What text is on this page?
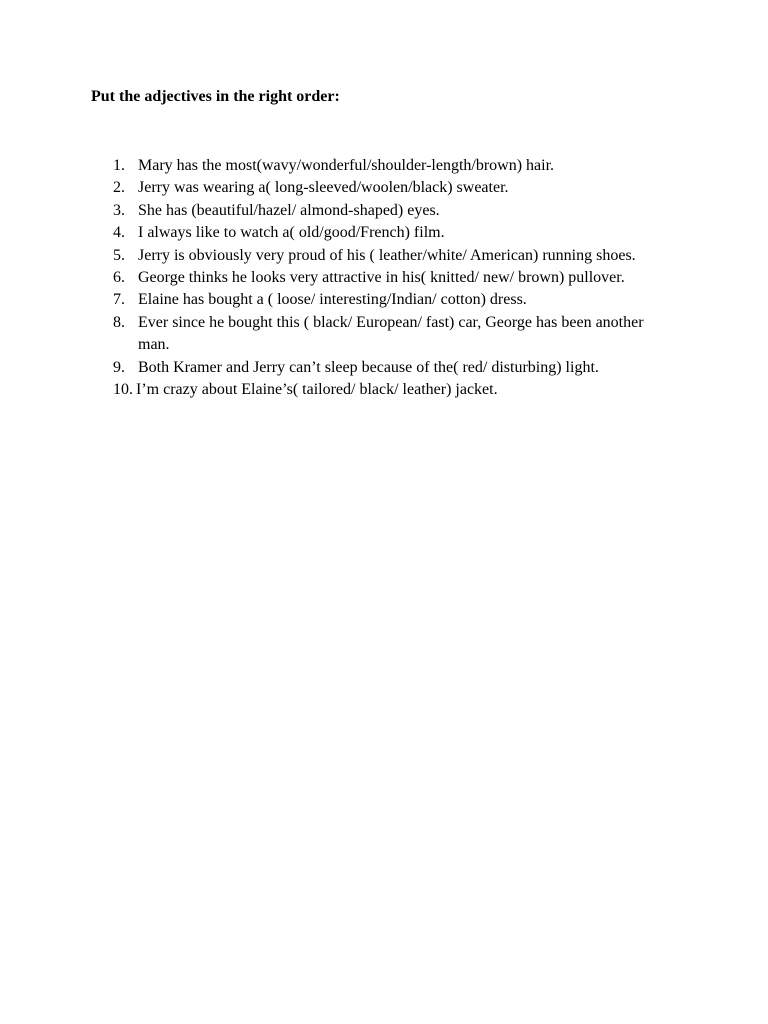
Put the adjectives in the right order:
1. Mary has the most(wavy/wonderful/shoulder-length/brown) hair.
2. Jerry was wearing a( long-sleeved/woolen/black) sweater.
3. She has (beautiful/hazel/ almond-shaped) eyes.
4. I always like to watch a( old/good/French) film.
5. Jerry is obviously very proud of his ( leather/white/ American) running shoes.
6. George thinks he looks very attractive in his( knitted/ new/ brown) pullover.
7. Elaine has bought a ( loose/ interesting/Indian/ cotton) dress.
8. Ever since he bought this ( black/ European/ fast) car, George has been another man.
9. Both Kramer and Jerry can’t sleep because of the( red/ disturbing) light.
10. I’m crazy about Elaine’s( tailored/ black/ leather) jacket.
